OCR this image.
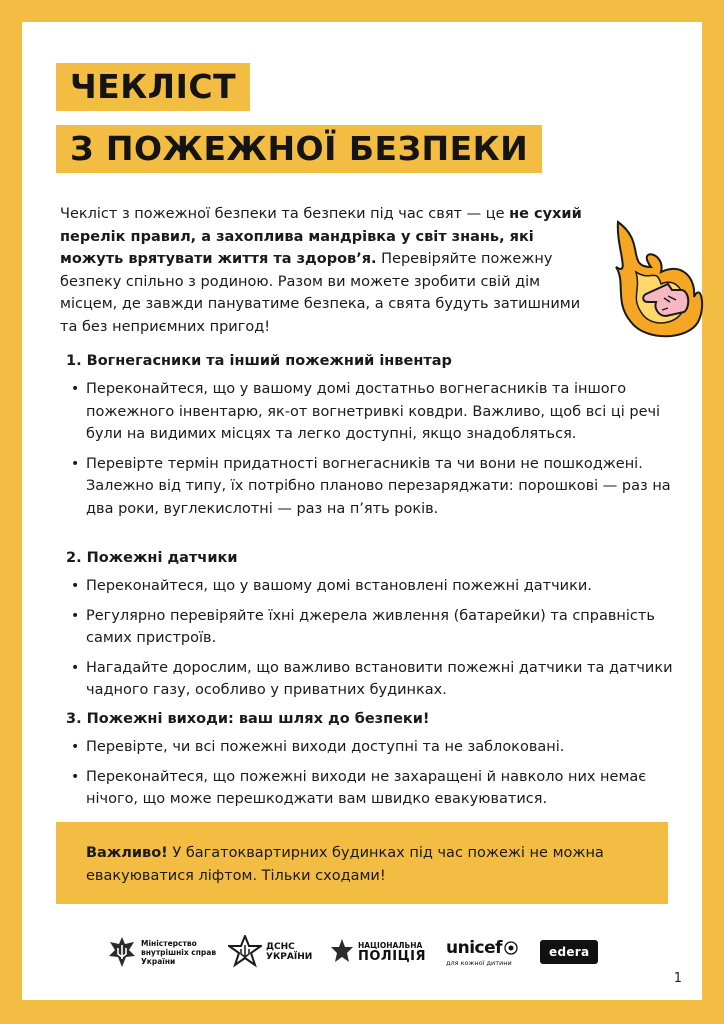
ЧЕКЛІСТ
З ПОЖЕЖНОЇ БЕЗПЕКИ
Чекліст з пожежної безпеки та безпеки під час свят — це не сухий перелік правил, а захоплива мандрівка у світ знань, які можуть врятувати життя та здоров’я. Перевіряйте пожежну безпеку спільно з родиною. Разом ви можете зробити свій дім місцем, де завжди пануватиме безпека, а свята будуть затишними та без неприємних пригод!
1. Вогнегасники та інший пожежний інвентар
• Переконайтеся, що у вашому домі достатньо вогнегасників та іншого пожежного інвентарю, як-от вогнетривкі ковдри. Важливо, щоб всі ці речі були на видимих місцях та легко доступні, якщо знадобляться.
• Перевірте термін придатності вогнегасників та чи вони не пошкоджені. Залежно від типу, їх потрібно планово перезаряджати: порошкові — раз на два роки, вуглекислотні — раз на п’ять років.
2. Пожежні датчики
• Переконайтеся, що у вашому домі встановлені пожежні датчики.
• Регулярно перевіряйте їхні джерела живлення (батарейки) та справність самих пристроїв.
• Нагадайте дорослим, що важливо встановити пожежні датчики та датчики чадного газу, особливо у приватних будинках.
3. Пожежні виходи: ваш шлях до безпеки!
• Перевірте, чи всі пожежні виходи доступні та не заблоковані.
• Переконайтеся, що пожежні виходи не захаращені й навколо них немає нічого, що може перешкоджати вам швидко евакуюватися.

Важливо! У багатоквартирних будинках під час пожежі не можна евакуюватися ліфтом. Тільки сходами!

Міністерство внутрішніх справ України
ДСНС
УКРАЇНИ
НАЦІОНАЛЬНА
ПОЛІЦІЯ unicef
для кожної дитини
edera
1
